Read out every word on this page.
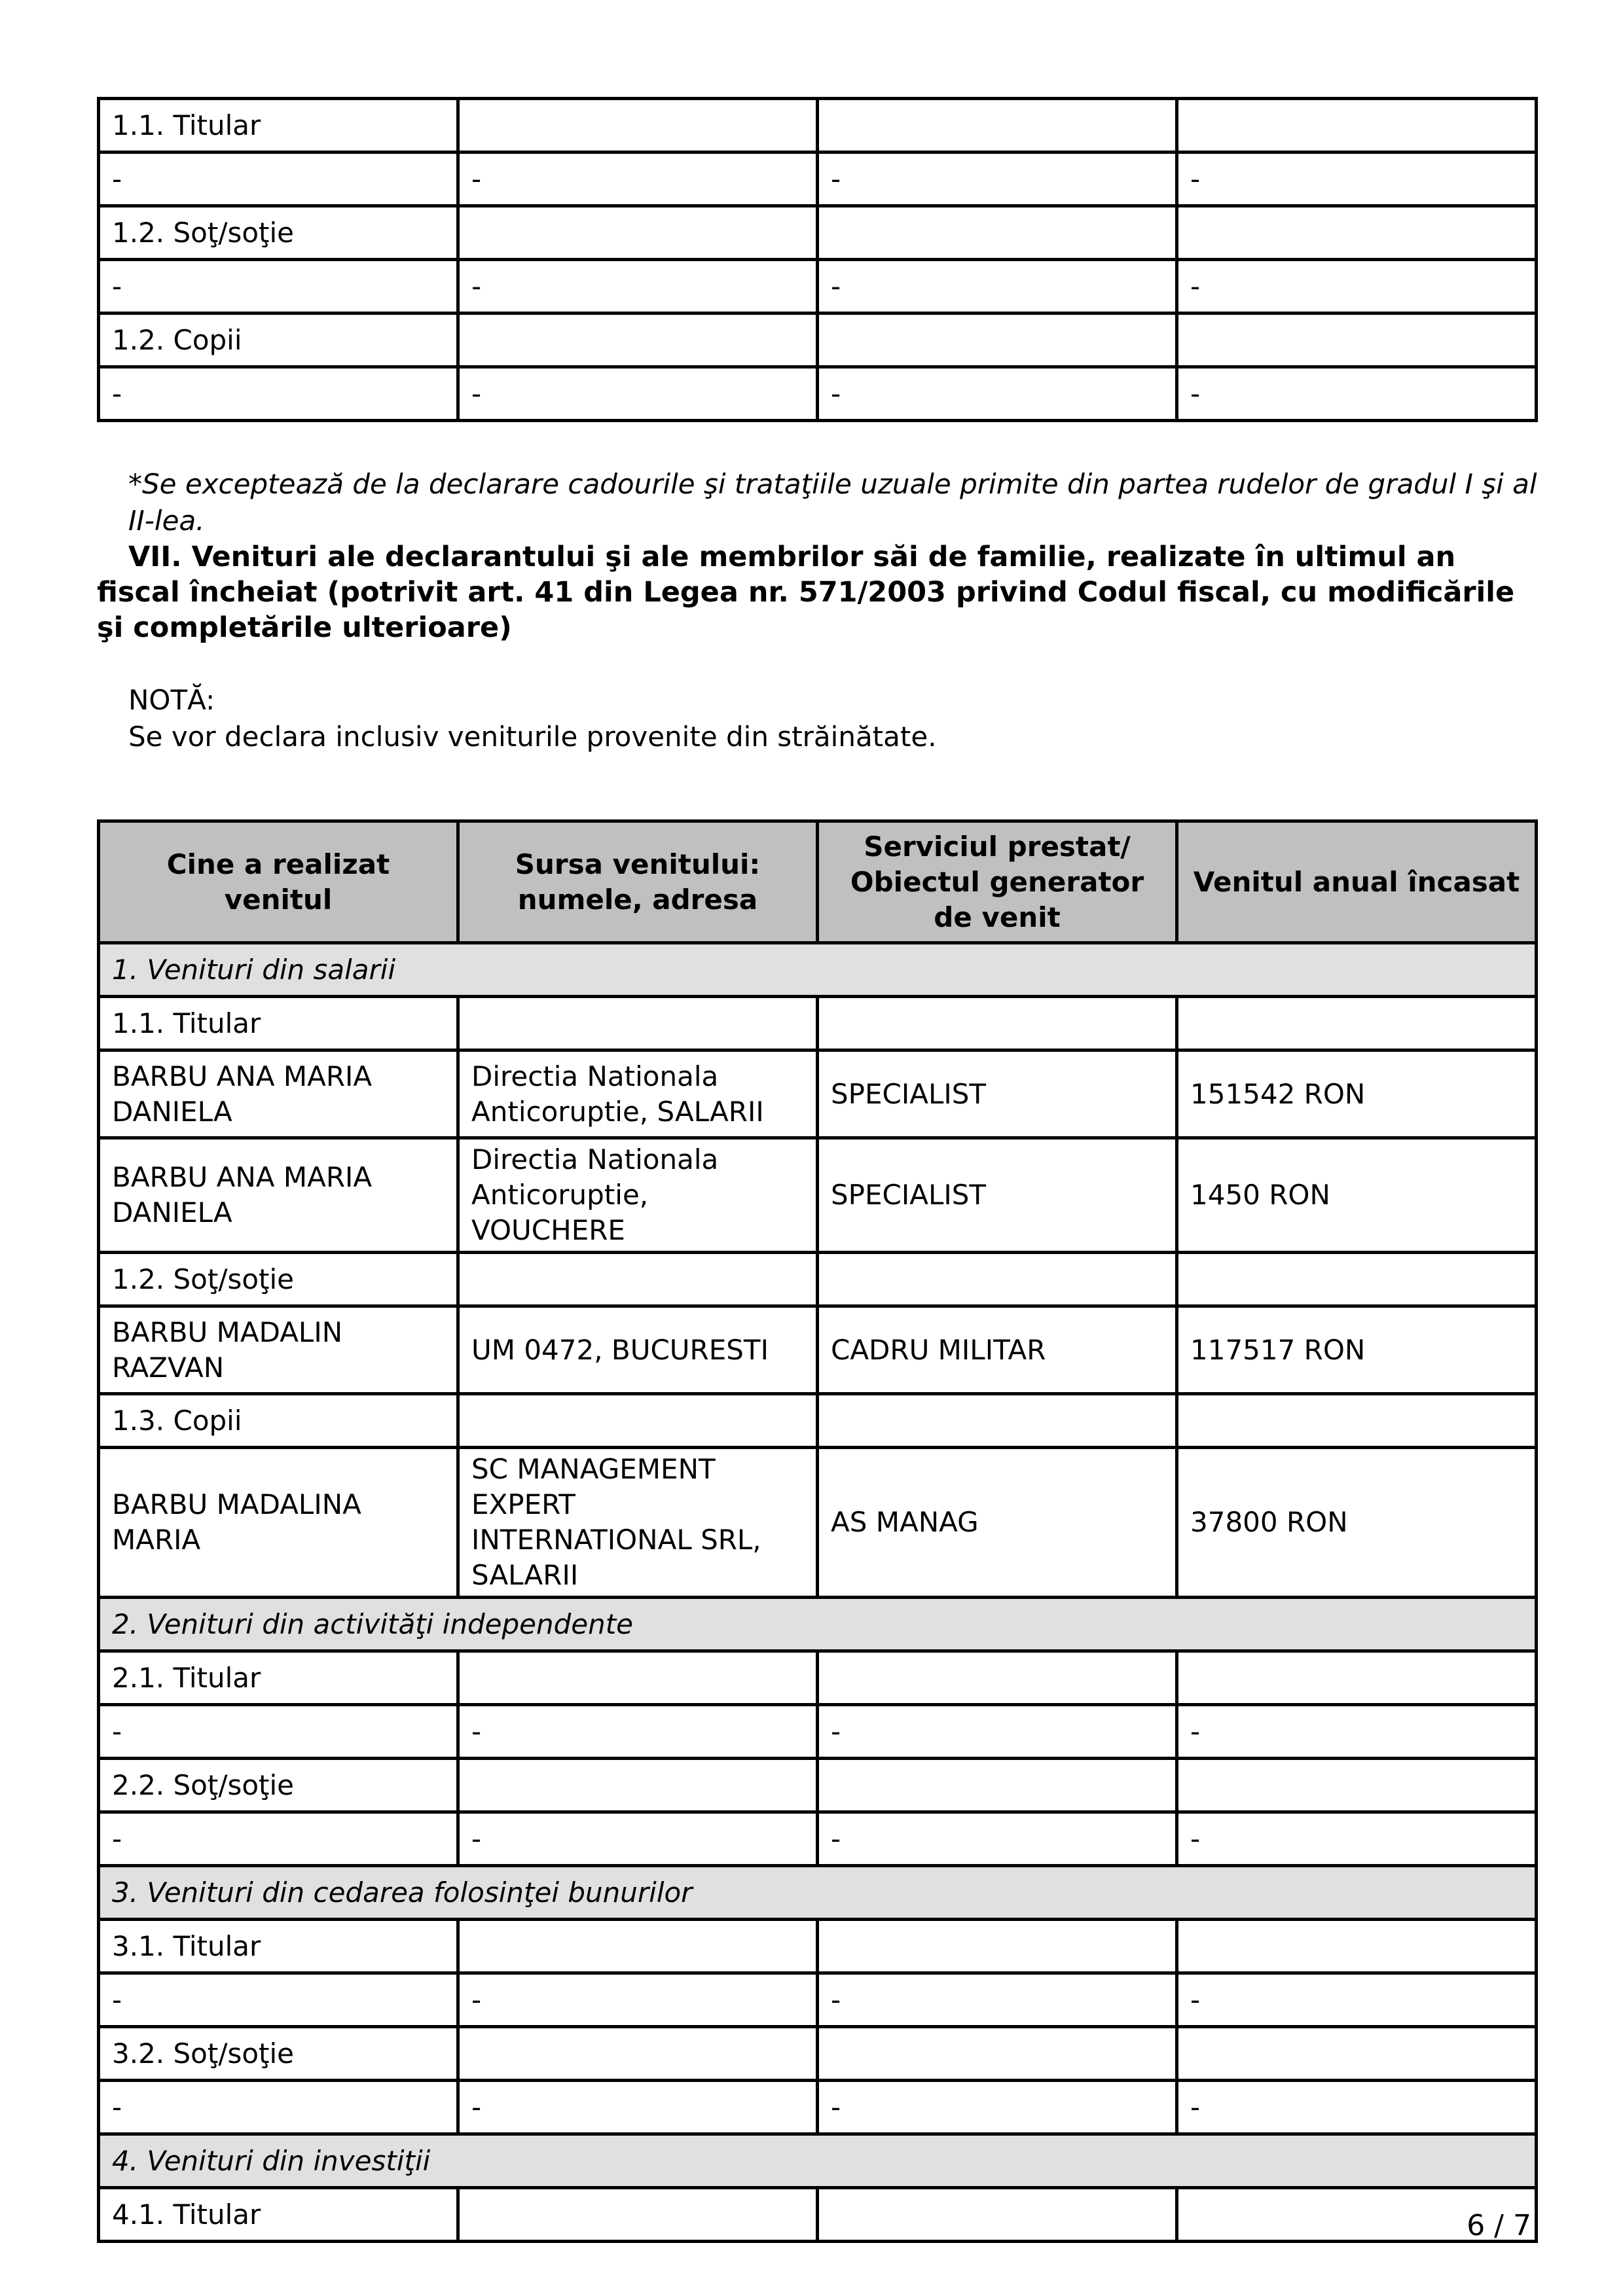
1.1. Titular			
-	-	-	-
1.2. Soţ/soţie			
-	-	-	-
1.2. Copii			
-	-	-	-
*Se exceptează de la declarare cadourile şi trataţiile uzuale primite din partea rudelor de gradul I şi al II-lea.
VII. Venituri ale declarantului şi ale membrilor săi de familie, realizate în ultimul an fiscal încheiat (potrivit art. 41 din Legea nr. 571/2003 privind Codul fiscal, cu modificările şi completările ulterioare)
NOTĂ:
Se vor declara inclusiv veniturile provenite din străinătate.
Cine a realizat venitul	Sursa venitului: numele, adresa	Serviciul prestat/ Obiectul generator de venit	Venitul anual încasat
1. Venituri din salarii			
1.1. Titular			
BARBU ANA MARIA DANIELA	Directia Nationala Anticoruptie, SALARII	SPECIALIST	151542 RON
BARBU ANA MARIA DANIELA	Directia Nationala Anticoruptie, VOUCHERE	SPECIALIST	1450 RON
1.2. Soţ/soţie			
BARBU MADALIN RAZVAN	UM 0472, BUCURESTI	CADRU MILITAR	117517 RON
1.3. Copii			
BARBU MADALINA MARIA	SC MANAGEMENT EXPERT INTERNATIONAL SRL, SALARII	AS MANAG	37800 RON
2. Venituri din activităţi independente			
2.1. Titular			
-	-	-	-
2.2. Soţ/soţie			
-	-	-	-
3. Venituri din cedarea folosinţei bunurilor			
3.1. Titular			
-	-	-	-
3.2. Soţ/soţie			
-	-	-	-
4. Venituri din investiţii			
4.1. Titular				6 / 7
